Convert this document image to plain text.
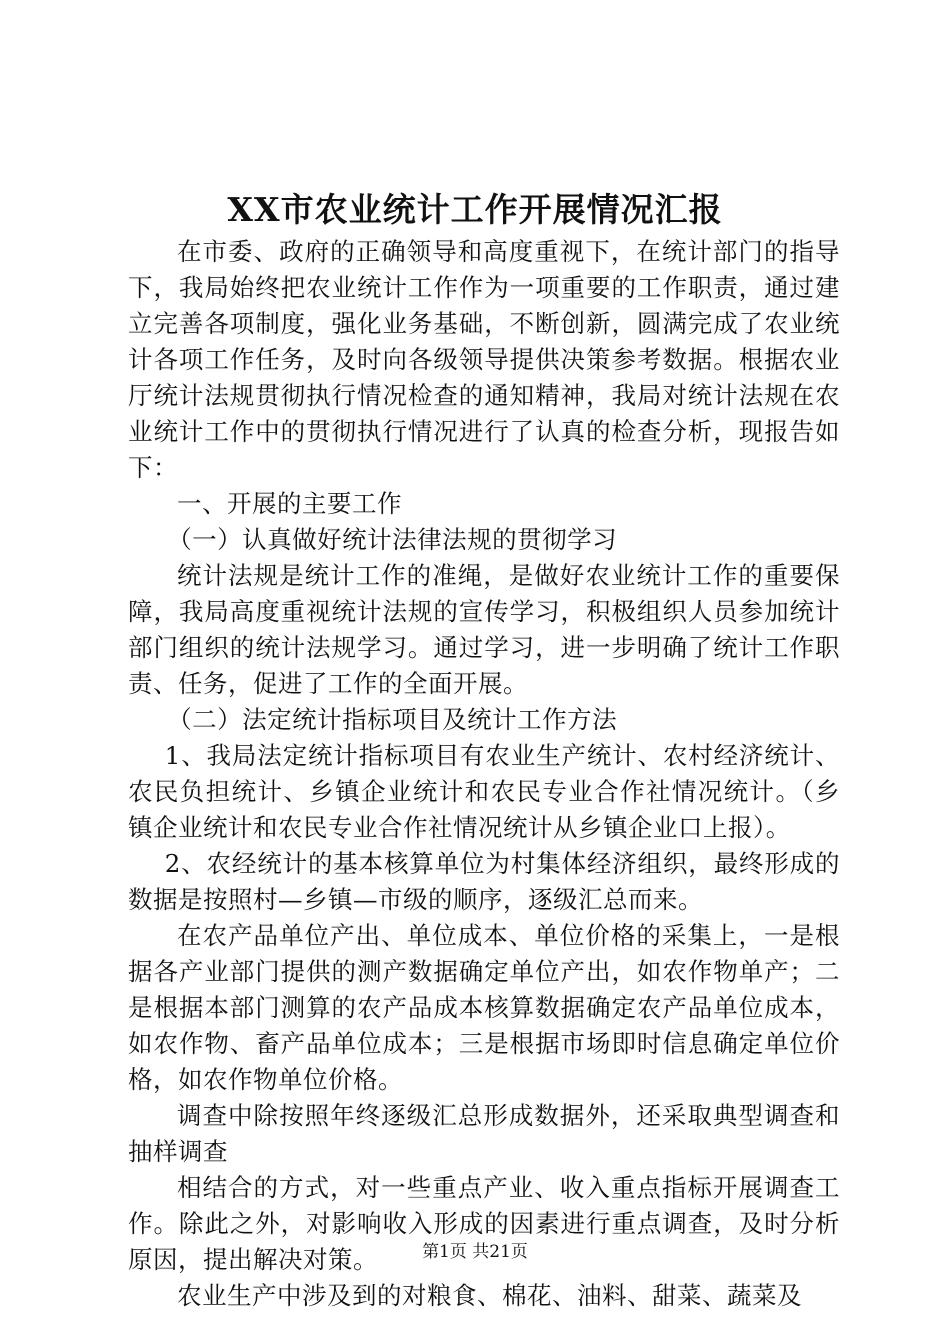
XX市农业统计工作开展情况汇报

在市委、政府的正确领导和高度重视下，在统计部门的指导下，我局始终把农业统计工作作为一项重要的工作职责，通过建立完善各项制度，强化业务基础，不断创新，圆满完成了农业统计各项工作任务，及时向各级领导提供决策参考数据。根据农业厅统计法规贯彻执行情况检查的通知精神，我局对统计法规在农业统计工作中的贯彻执行情况进行了认真的检查分析，现报告如下：

一、开展的主要工作

（一）认真做好统计法律法规的贯彻学习

统计法规是统计工作的准绳，是做好农业统计工作的重要保障，我局高度重视统计法规的宣传学习，积极组织人员参加统计部门组织的统计法规学习。通过学习，进一步明确了统计工作职责、任务，促进了工作的全面开展。

（二）法定统计指标项目及统计工作方法

1、我局法定统计指标项目有农业生产统计、农村经济统计、农民负担统计、乡镇企业统计和农民专业合作社情况统计。（乡镇企业统计和农民专业合作社情况统计从乡镇企业口上报）。

2、农经统计的基本核算单位为村集体经济组织，最终形成的数据是按照村—乡镇—市级的顺序，逐级汇总而来。

在农产品单位产出、单位成本、单位价格的采集上，一是根据各产业部门提供的测产数据确定单位产出，如农作物单产；二是根据本部门测算的农产品成本核算数据确定农产品单位成本，如农作物、畜产品单位成本；三是根据市场即时信息确定单位价格，如农作物单位价格。

调查中除按照年终逐级汇总形成数据外，还采取典型调查和抽样调查

相结合的方式，对一些重点产业、收入重点指标开展调查工作。除此之外，对影响收入形成的因素进行重点调查，及时分析原因，提出解决对策。

农业生产中涉及到的对粮食、棉花、油料、甜菜、蔬菜及

第1页 共21页
